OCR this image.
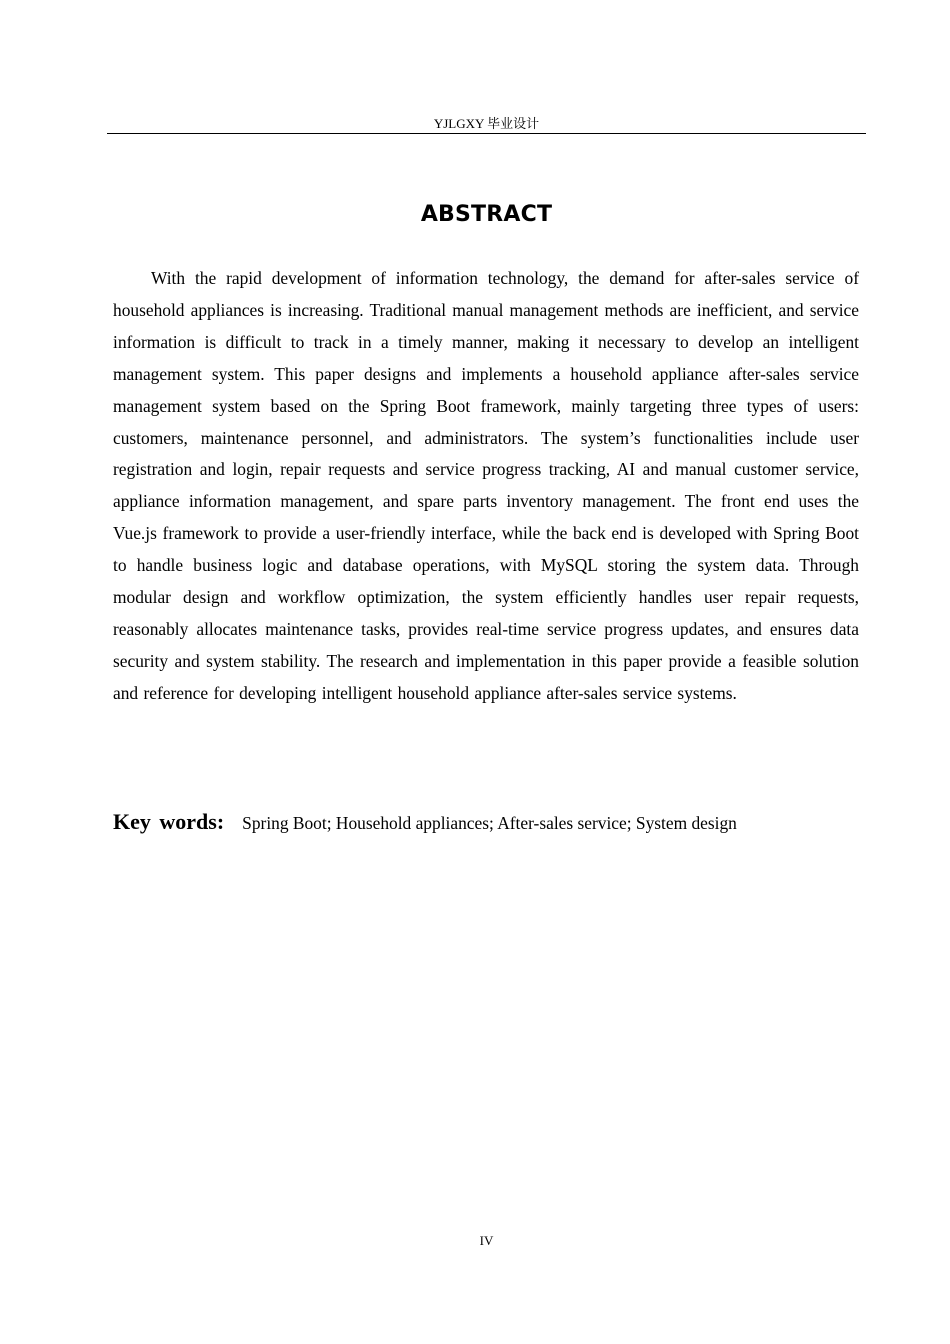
YJLGXY 毕业设计
ABSTRACT

With the rapid development of information technology, the demand for after-sales service of household appliances is increasing. Traditional manual management methods are inefficient, and service information is difficult to track in a timely manner, making it necessary to develop an intelligent management system. This paper designs and implements a household appliance after-sales service management system based on the Spring Boot framework, mainly targeting three types of users: customers, maintenance personnel, and administrators. The system’s functionalities include user registration and login, repair requests and service progress tracking, AI and manual customer service, appliance information management, and spare parts inventory management. The front end uses the Vue.js framework to provide a user-friendly interface, while the back end is developed with Spring Boot to handle business logic and database operations, with MySQL storing the system data. Through modular design and workflow optimization, the system efficiently handles user repair requests, reasonably allocates maintenance tasks, provides real-time service progress updates, and ensures data security and system stability. The research and implementation in this paper provide a feasible solution and reference for developing intelligent household appliance after-sales service systems.

Key words: Spring Boot; Household appliances; After-sales service; System design
IV
